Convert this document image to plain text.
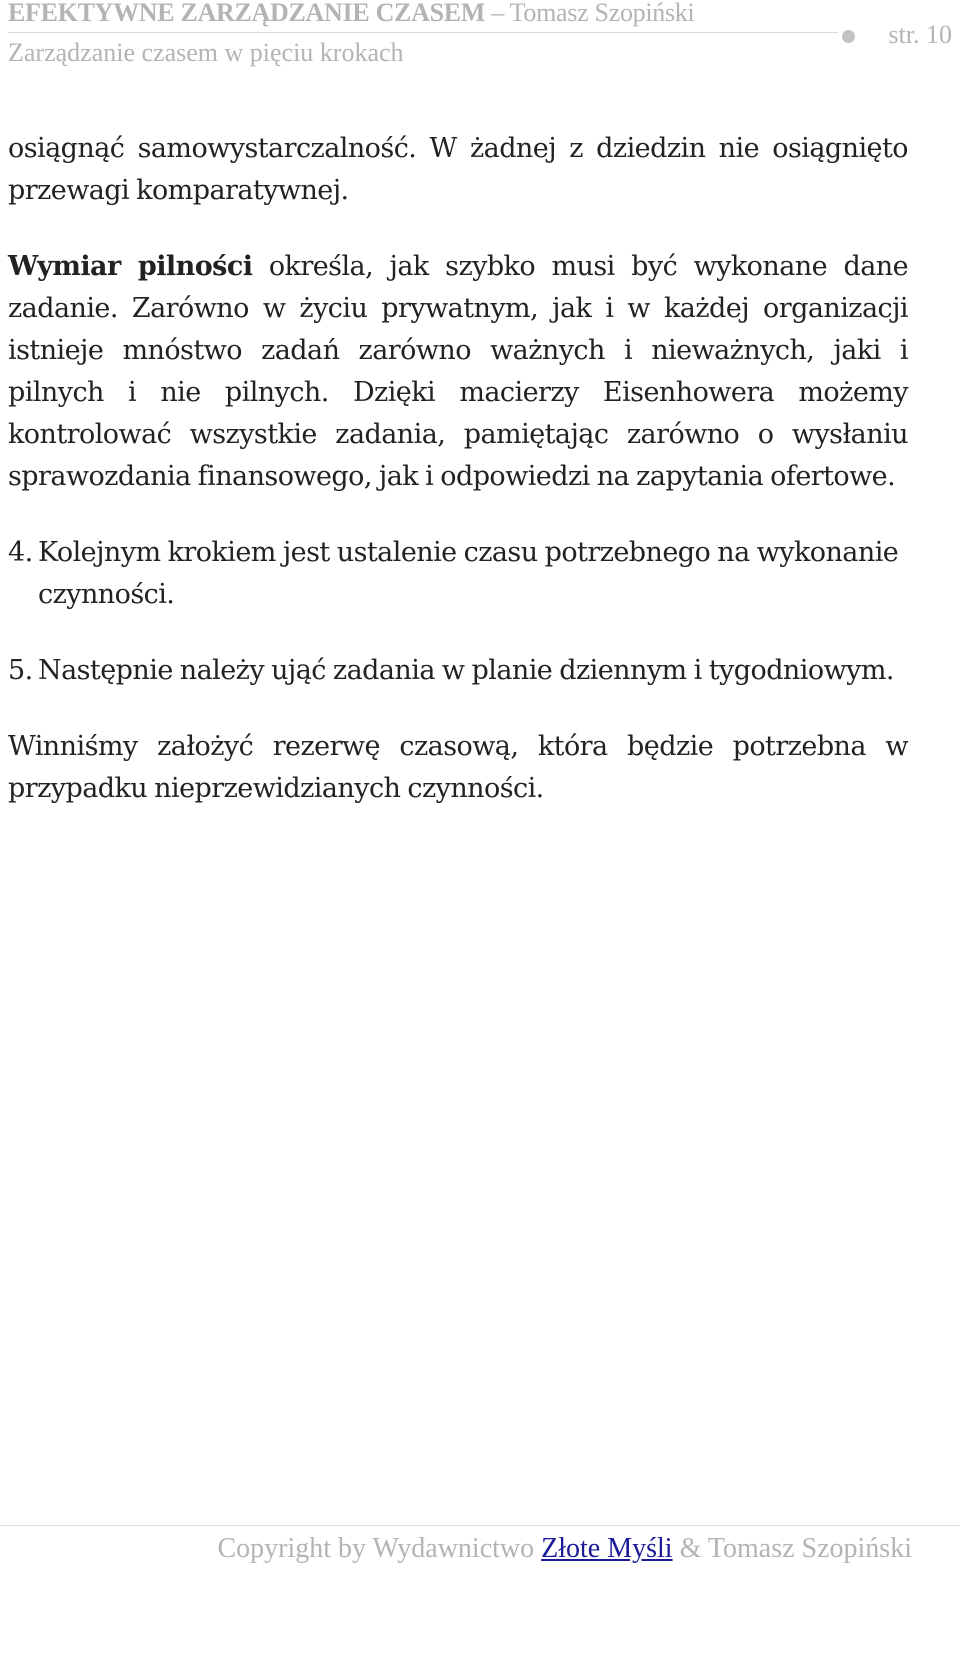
EFEKTYWNE ZARZĄDZANIE CZASEM – Tomasz Szopiński
Zarządzanie czasem w pięciu krokach
str. 10

osiągnąć samowystarczalność. W żadnej z dziedzin nie osiągnięto
przewagi komparatywnej.

Wymiar pilności określa, jak szybko musi być wykonane dane zadanie. Zarówno w życiu prywatnym, jak i w każdej organizacji istnieje mnóstwo zadań zarówno ważnych i nieważnych, jaki i pilnych i nie pilnych. Dzięki macierzy Eisenhowera możemy kontrolować wszystkie zadania, pamiętając zarówno o wysłaniu sprawozdania finansowego, jak i odpowiedzi na zapytania ofertowe.

4. Kolejnym krokiem jest ustalenie czasu potrzebnego na wykonanie czynności.
5. Następnie należy ująć zadania w planie dziennym i tygodniowym.

Winniśmy założyć rezerwę czasową, która będzie potrzebna w przypadku nieprzewidzianych czynności.

Copyright by Wydawnictwo Złote Myśli & Tomasz Szopiński
